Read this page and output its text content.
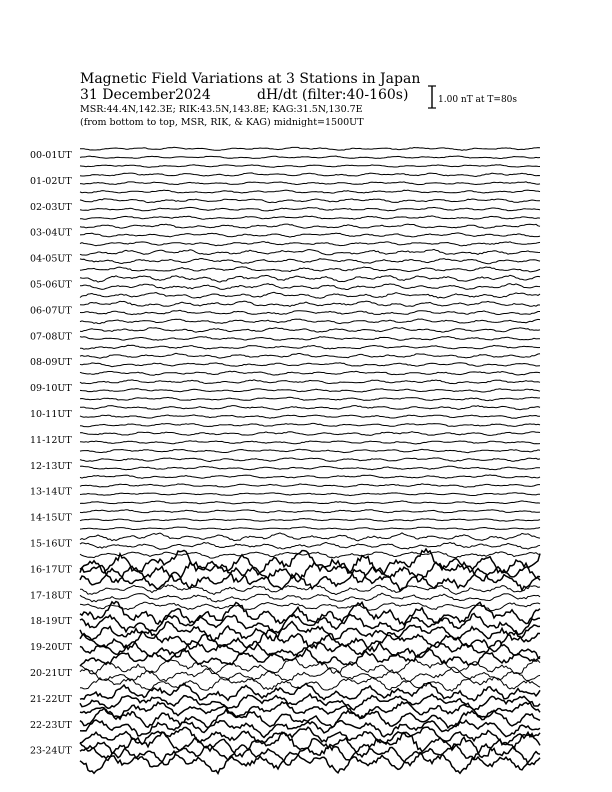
Magnetic Field Variations at 3 Stations in Japan
31 December2024	dH/dt (filter:40-160s)
MSR:44.4N,142.3E; RIK:43.5N,143.8E; KAG:31.5N,130.7E
(from bottom to top, MSR, RIK, & KAG) midnight=1500UT
1.00 nT at T=80s
00-01UT
01-02UT
02-03UT
03-04UT
04-05UT
05-06UT
06-07UT
07-08UT
08-09UT
09-10UT
10-11UT
11-12UT
12-13UT
13-14UT
14-15UT
15-16UT
16-17UT
17-18UT
18-19UT
19-20UT
20-21UT
21-22UT
22-23UT
23-24UT
